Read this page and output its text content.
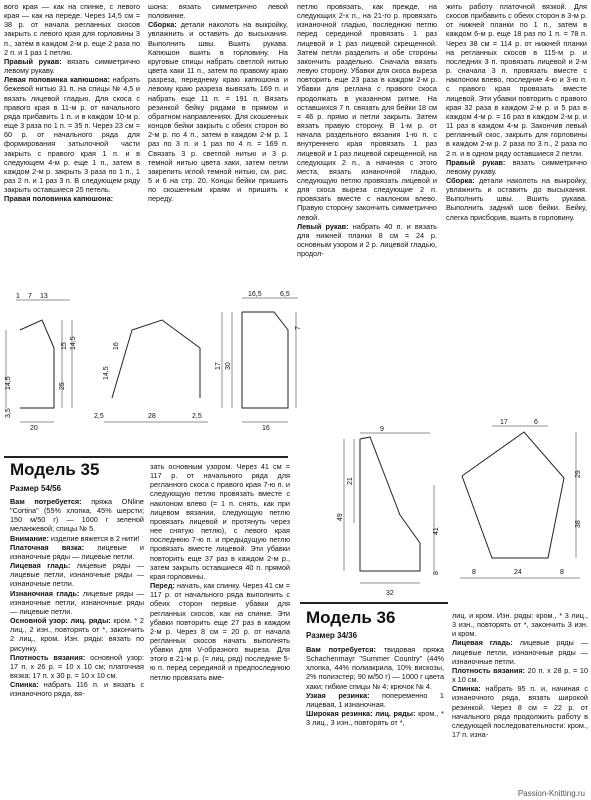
вого края — как на спинке, с левого края — как на переде. Через 14,5 см = 38 р. от начала регланных скосов закрыть с левого края для горловины 3 п., затем в каждом 2-м р. еще 2 раза по 2 п. и 1 раз 1 петлю.

Правый рукав: вязать симметрично левому рукаву.

Левая половинка капюшона: набрать бежевой нитью 31 п. на спицы № 4,5 и вязать лицевой гладью. Для скоса с правого края в 11-м р. от начального ряда прибавить 1 п. и в каждом 10-м р. еще 3 раза по 1 п. = 35 п. Через 23 см = 60 р. от начального ряда для формирования затылочной части закрыть с правого края 1 п. и в следующем 4-м р. еще 1 п., затем в каждом 2-м р. закрыть 3 раза по 1 п., 1 раз 2 п. и 1 раз 3 п. В следующем ряду закрыть оставшиеся 25 петель.

Правая половинка капюшона:

шона: вязать симметрично левой половинке.

Сборка: детали наколоть на выкройку, увлажнить и оставить до высыхания. Выполнить швы. Вшить рукава. Капюшон вшить в горловину. На круговые спицы набрать светлой нитью цвета хаки 11 п., затем по правому краю разреза, переднему краю капюшона и левому краю разреза вывязать 169 п. и набрать еще 11 п. = 191 п. Вязать резинкой бейку рядами в прямом и обратном направлениях. Для скошенных концов бейки закрыть с обеих сторон во 2-м р. по 4 п., затем в каждом 2-м р. 1 раз по 3 п. и 1 раз по 4 п. = 169 п. Связать 3 р. светлой нитью и 3 р. темной нитью цвета хаки, затем петли закрепить иглой темной нитью, см. рис. 5 и 6 на стр. 20. Концы бейки пришить по скошенным краям и пришить к переду.

петлю провязать, как прежде, на следующих 2-х п., на 21-го р. провязать изнаночной гладью, последнюю петлю перед серединой провязать 1 раз лицевой и 1 раз лицевой скрещенной. Затем петли разделить и обе стороны закончить раздельно. Сначала вязать левую сторону. Убавки для скоса выреза повторить еще 23 раза в каждом 2-м р. Убавки для реглана с правого скоса продолжать в указанном ритме. На оставшихся 7 п. связать для бейки 18 см = 46 р. прямо и петли закрыть. Затем вязать правую сторону. В 1-м р. от начала раздельного вязания 1-ю п. с внутреннего края провязать 1 раз лицевой и 1 раз лицевой скрещенной, на следующих 2 п., а начиная с этого места, вязать изнаночной гладью, следующую петлю провязать лицевой и для скоса выреза следующие 2 п. провязать вместе с наклоном влево. Правую сторону закончить симметрично левой.

Левый рукав: набрать 40 п. и вязать для нижней планки 8 см = 24 р. основным узором и 2 р. лицевой гладью, продол-

жить работу платочной вязкой. Для скосов прибавить с обеих сторон в 3-м р. от нижней планки по 1 п., затем в каждом 6-м р. еще 18 раз по 1 п. = 78 п. Через 38 см = 114 р. от нижней планки на регланных скосов в 115-м р. и последних 3 п. провязать лицевой и 2-м р. сначала 3 п. провязать вместе с наклоном влево, последние 4-ю и 3-ю п. с правого края провязать вместе лицевой. Эти убавки повторить с правого края 32 раза в каждом 2-м р. и 5 раз в каждом 4-м р. = 16 раз в каждом 2-м р. и 11 раз в каждом 4-м р. Закончив левый регланный скос, закрыть для горловины в каждом 2-м р. 2 раза по 3 п., 2 раза по 2 п. и в одном ряду оставшиеся 2 петли.

Правый рукав: вязать симметрично левому рукаву.

Сборка: детали наколоть на выкройку, увлажнить и оставить до высыхания. Выполнить швы. Вшить рукава. Выполнить задний шов бейки. Бейку, слегка присборив, вшить в горловину.

1 7 13
15 14,5
25
3,5
14,5
20
14,5
16
2,5	28	2,5
16,5	6,5
17 30
7
16	9
21
49
41
8
32
17	6
29
38
8	24	8
Модель 35
Размер 54/56

Вам потребуется: пряжа ONline "Cortina" (55% хлопка, 45% шерсти; 150 м/50 г) — 1000 г зеленой меланжевой; спицы № 5.

Внимание: изделие вяжется в 2 нити!

Платочная вязка: лицевые и изнаночные ряды — лицевые петли.

Лицевая гладь: лицевые ряды — лицевые петли, изнаночные ряды — изнаночные петли.

Изнаночная гладь: лицевые ряды — изнаночные петли, изнаночные ряды — лицевые петли.

Основной узор: лиц. ряды: кром. * 2 лиц., 2 изн., повторять от *, закончить 2 лиц., кром. Изн. ряды: вязать по рисунку.

Плотность вязания: основной узор: 17 п. х 26 р. = 10 х 10 см; платочная вязка: 17 п. х 30 р. = 10 х 10 см.

Спинка: набрать 116 п. и вязать с изнаночного ряда, вя-

зать основным узором. Через 41 см = 117 р. от начального ряда для регланного скоса с правого края 7-ю п. и следующую петлю провязать вместе с наклоном влево (= 1 п. снять, как при лицевом вязании, следующую петлю провязать лицевой и протянуть через нее снятую петлю), с левого края последнюю 7-ю п. и предыдущую петлю провязать вместе лицевой. Эти убавки повторить еще 37 раз в каждом 2-м р., затем закрыть оставшиеся 40 п. прямой края горловины.

Перед: начать, как спинку. Через 41 см = 117 р. от начального ряда выполнить с обеих сторон первые убавки для регланных скосов, как на спинке. Эти убавки повторить еще 27 раз в каждом 2-м р. Через 8 см = 20 р. от начала регланных скосов начать выполнять убавки для V-образного выреза. Для этого в 21-м р. (= лиц. ряд) последние 5-ю п. перед серединой и предпоследнюю петлю провязать вме-

Модель 36
Размер 34/36

Вам потребуется: твидовая пряжа Schachenmayr "Summer Country" (44% хлопка, 44% полиакрила, 10% вискозы, 2% полиэстер; 90 м/50 г) — 1000 г цвета хаки; гибкие спицы № 4; крючок № 4.

Узкая резинка: попеременно 1 лицевая, 1 изнаночная.

Широкая резинка: лиц. ряды: кром., * 3 лиц., 3 изн., повторять от *,

лиц. и кром. Изн. ряды: кром., * 3 лиц., 3 изн., повторять от *, закончить 3 изн. и кром.

Лицевая гладь: лицевые ряды — лицевые петли, изнаночные ряды — изнаночные петли.

Плотность вязания: 20 п. х 28 р. = 10 х 10 см.

Спинка: набрать 95 п. и, начиная с изнаночного ряда, вязать широкой резинкой. Через 8 см = 22 р. от начального ряда продолжить работу в следующей последовательности: кром., 17 п. изна-

Passion-Knitting.ru
